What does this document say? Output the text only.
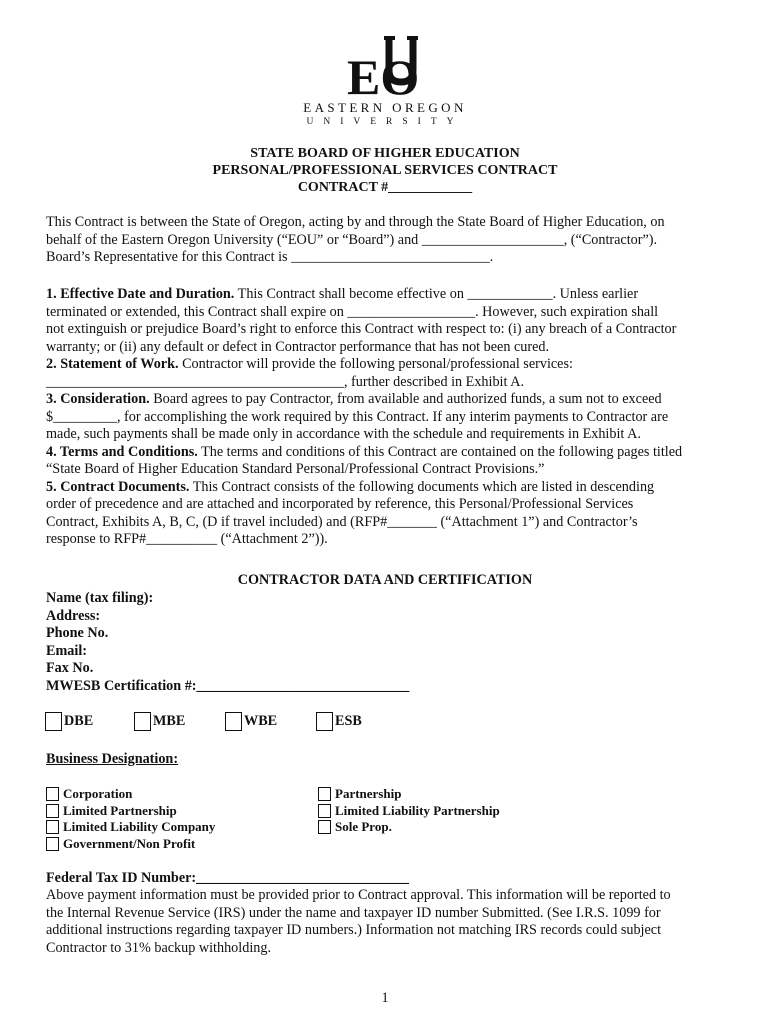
EO
EASTERN OREGON
UNIVERSITY
STATE BOARD OF HIGHER EDUCATION
PERSONAL/PROFESSIONAL SERVICES CONTRACT
CONTRACT #____________

This Contract is between the State of Oregon, acting by and through the State Board of Higher Education, on

behalf of the Eastern Oregon University (“EOU” or “Board”) and ____________________, (“Contractor”).

Board’s Representative for this Contract is ____________________________.

1. Effective Date and Duration. This Contract shall become effective on ____________. Unless earlier

terminated or extended, this Contract shall expire on __________________. However, such expiration shall

not extinguish or prejudice Board’s right to enforce this Contract with respect to: (i) any breach of a Contractor

warranty; or (ii) any default or defect in Contractor performance that has not been cured.

2. Statement of Work. Contractor will provide the following personal/professional services:

__________________________________________, further described in Exhibit A.

3. Consideration. Board agrees to pay Contractor, from available and authorized funds, a sum not to exceed

$_________, for accomplishing the work required by this Contract. If any interim payments to Contractor are

made, such payments shall be made only in accordance with the schedule and requirements in Exhibit A.

4. Terms and Conditions. The terms and conditions of this Contract are contained on the following pages titled

“State Board of Higher Education Standard Personal/Professional Contract Provisions.”

5. Contract Documents. This Contract consists of the following documents which are listed in descending

order of precedence and are attached and incorporated by reference, this Personal/Professional Services

Contract, Exhibits A, B, C, (D if travel included) and (RFP#_______ (“Attachment 1”) and Contractor’s

response to RFP#__________ (“Attachment 2”)).

CONTRACTOR DATA AND CERTIFICATION
Name (tax filing):
Address:
Phone No.
Email:
Fax No.
MWESB Certification #:______________________________
DBE	MBE	WBE	ESB
Business Designation:
Corporation
Limited Partnership
Limited Liability Company
Government/Non Profit
Partnership
Limited Liability Partnership
Sole Prop.
Federal Tax ID Number:______________________________
Above payment information must be provided prior to Contract approval. This information will be reported to
the Internal Revenue Service (IRS) under the name and taxpayer ID number Submitted. (See I.R.S. 1099 for
additional instructions regarding taxpayer ID numbers.) Information not matching IRS records could subject
Contractor to 31% backup withholding.
1
